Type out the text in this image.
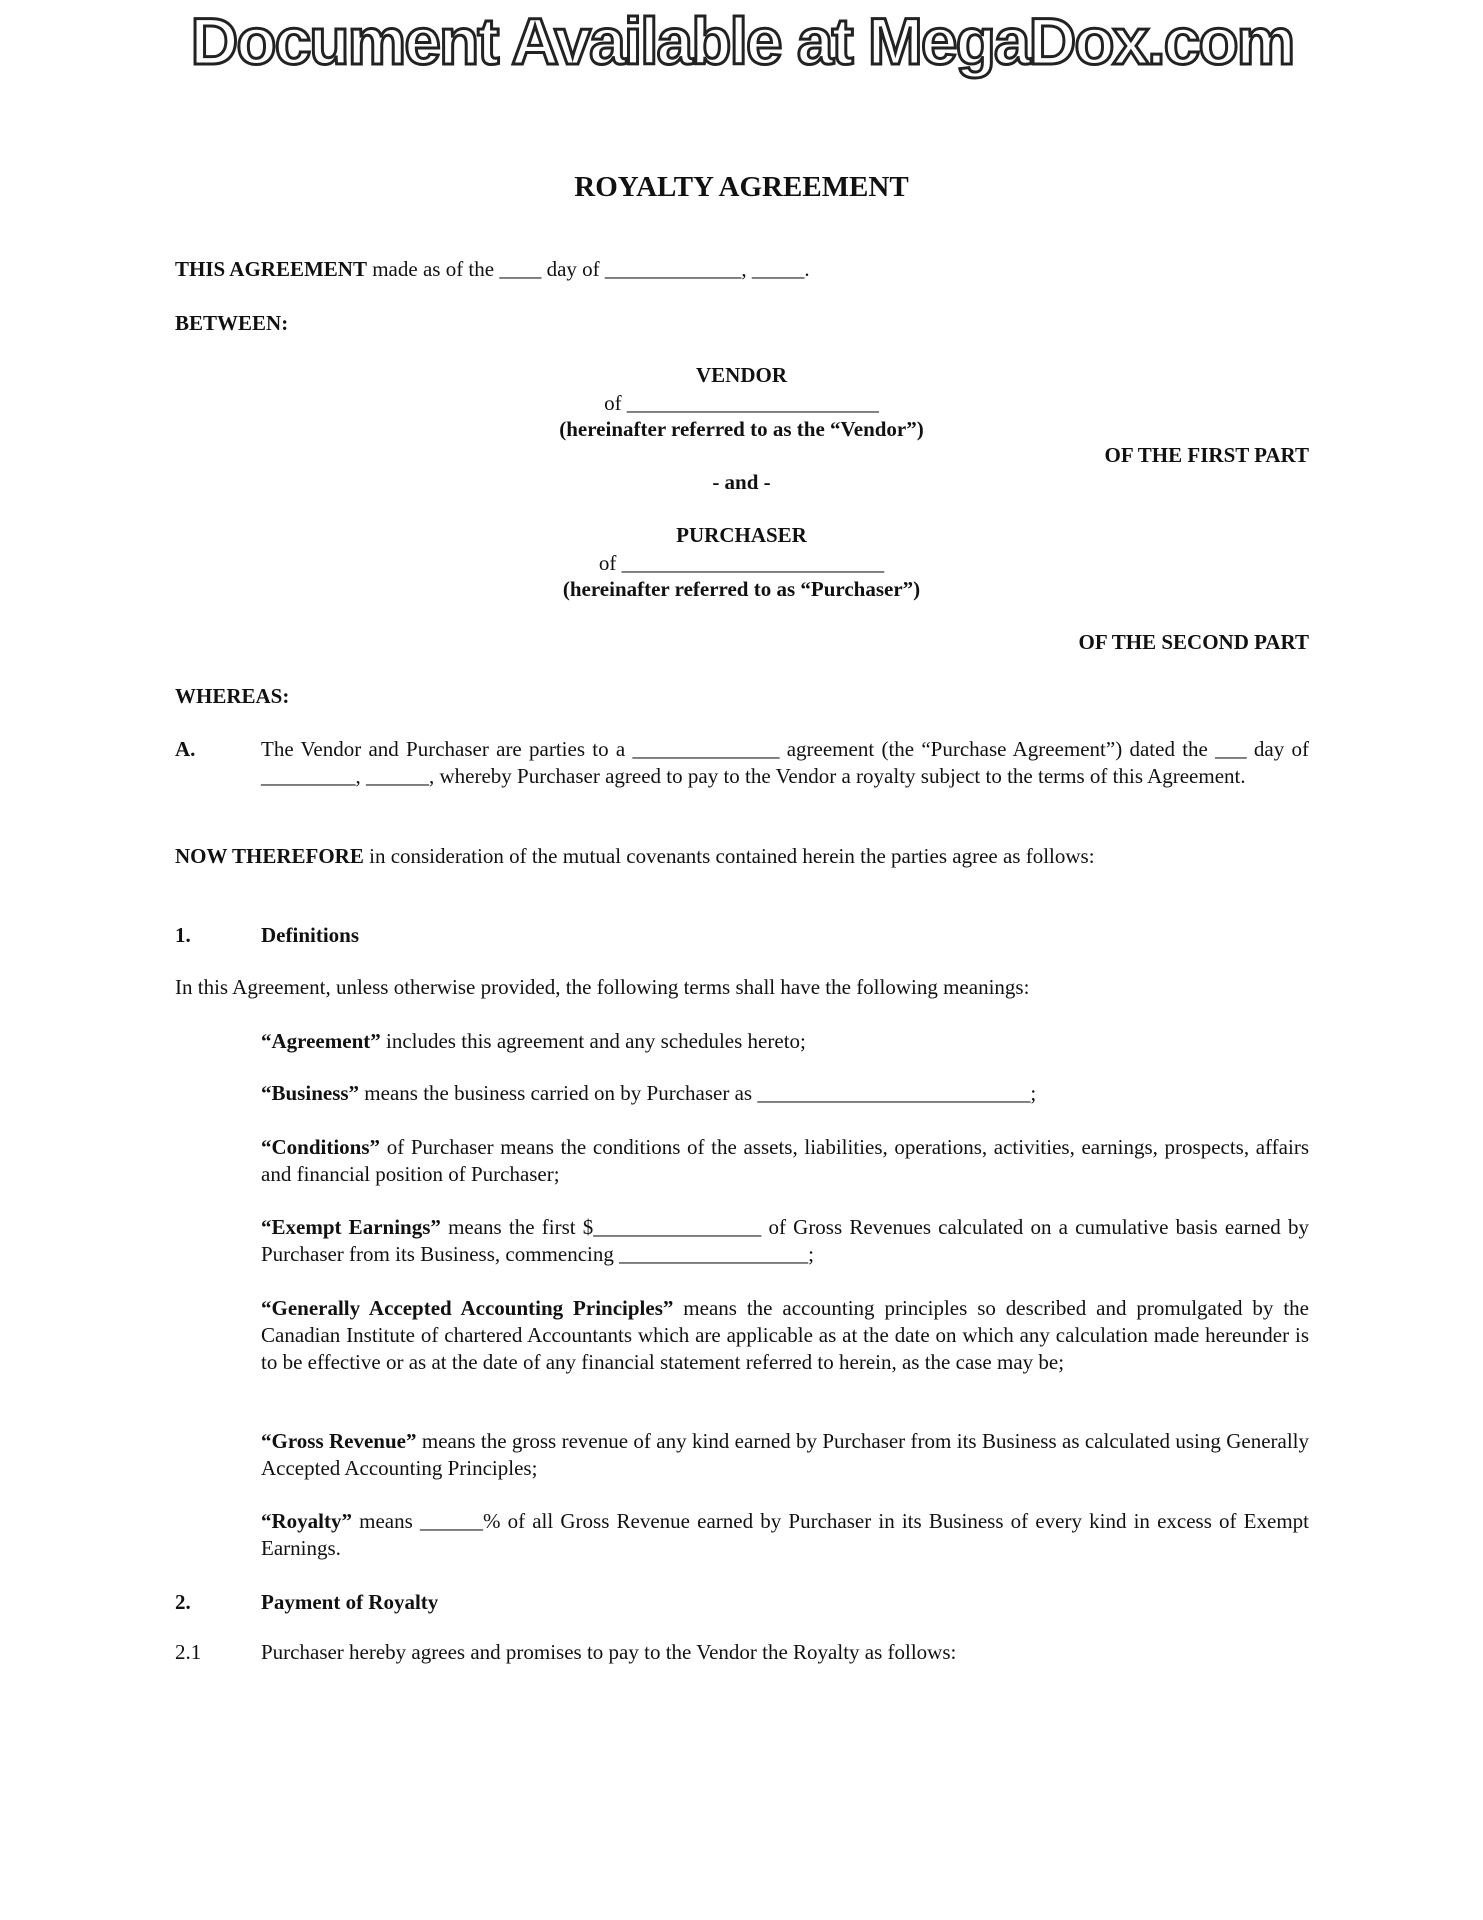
Document Available at MegaDox.com
ROYALTY AGREEMENT
THIS AGREEMENT made as of the ____ day of _____________, _____.
BETWEEN:
VENDOR
of ________________________
(hereinafter referred to as the “Vendor”)
OF THE FIRST PART
- and -
PURCHASER
of _________________________
(hereinafter referred to as “Purchaser”)
OF THE SECOND PART
WHEREAS:
A.	The Vendor and Purchaser are parties to a ______________ agreement (the “Purchase Agreement”) dated the ___ day of _________, ______, whereby Purchaser agreed to pay to the Vendor a royalty subject to the terms of this Agreement.
NOW THEREFORE in consideration of the mutual covenants contained herein the parties agree as follows:
1.	Definitions
In this Agreement, unless otherwise provided, the following terms shall have the following meanings:
“Agreement” includes this agreement and any schedules hereto;
“Business” means the business carried on by Purchaser as __________________________;
“Conditions” of Purchaser means the conditions of the assets, liabilities, operations, activities, earnings, prospects, affairs and financial position of Purchaser;
“Exempt Earnings” means the first $________________ of Gross Revenues calculated on a cumulative basis earned by Purchaser from its Business, commencing __________________;
“Generally Accepted Accounting Principles” means the accounting principles so described and promulgated by the Canadian Institute of chartered Accountants which are applicable as at the date on which any calculation made hereunder is to be effective or as at the date of any financial statement referred to herein, as the case may be;
“Gross Revenue” means the gross revenue of any kind earned by Purchaser from its Business as calculated using Generally Accepted Accounting Principles;
“Royalty” means ______% of all Gross Revenue earned by Purchaser in its Business of every kind in excess of Exempt Earnings.
2.	Payment of Royalty
2.1	Purchaser hereby agrees and promises to pay to the Vendor the Royalty as follows:
